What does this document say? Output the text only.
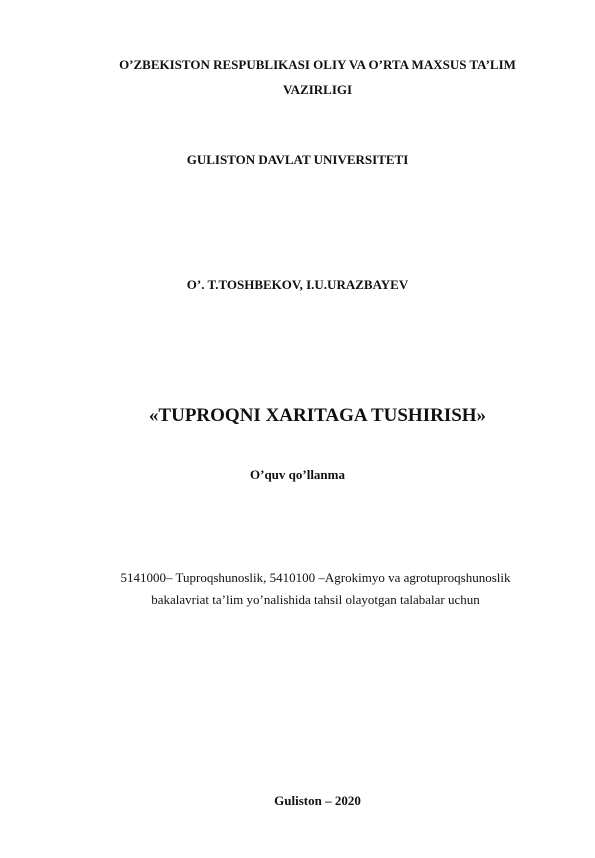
O’ZBEKISTON RESPUBLIKASI OLIY VA O’RTA MAXSUS TA’LIM
VAZIRLIGI
GULISTON DAVLAT UNIVERSITETI
O’. T.TOSHBEKOV, I.U.URAZBAYEV
«TUPROQNI XARITAGA TUSHIRISH»
O’quv qo’llanma
5141000– Tuproqshunoslik, 5410100 –Agrokimyo va agrotuproqshunoslik
bakalavriat ta’lim yo’nalishida tahsil olayotgan talabalar uchun
Guliston – 2020
